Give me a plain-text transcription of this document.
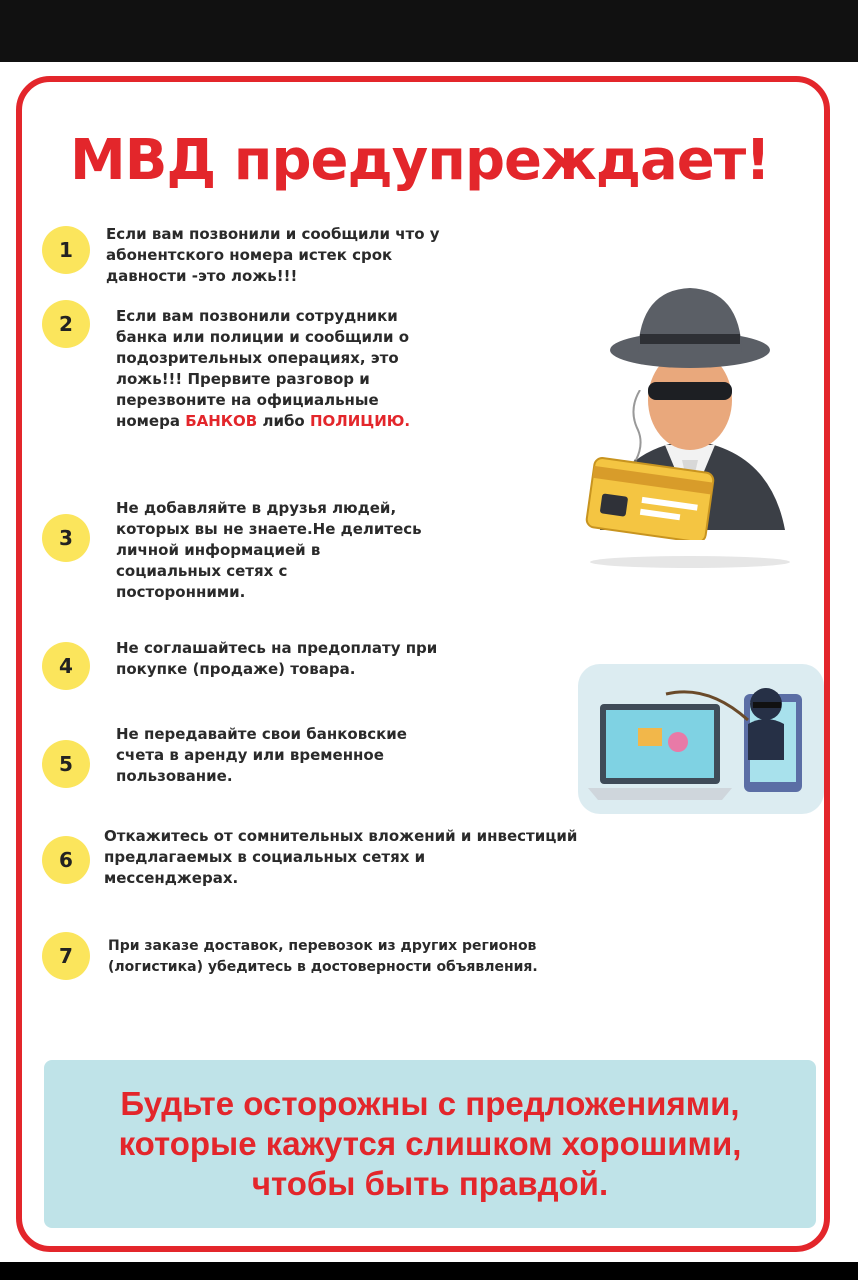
МВД предупреждает!
1
Если вам позвонили и сообщили что у
абонентского номера истек срок
давности -это ложь!!!
2	Если вам позвонили сотрудники
банка или полиции и сообщили о
подозрительных операциях, это
ложь!!! Прервите разговор и
перезвоните на официальные
номера БАНКОВ либо ПОЛИЦИЮ.
3
Не добавляйте в друзья людей,
которых вы не знаете.Не делитесь
личной информацией в
социальных сетях с
посторонними.
4
Не соглашайтесь на предоплату при
покупке (продаже) товара.
5
Не передавайте свои банковские
счета в аренду или временное
пользование.
6
Откажитесь от сомнительных вложений и инвестиций
предлагаемых в социальных сетях и
мессенджерах.
7	При заказе доставок, перевозок из других регионов
(логистика) убедитесь в достоверности объявления.
Будьте осторожны с предложениями,
которые кажутся слишком хорошими,
чтобы быть правдой.
